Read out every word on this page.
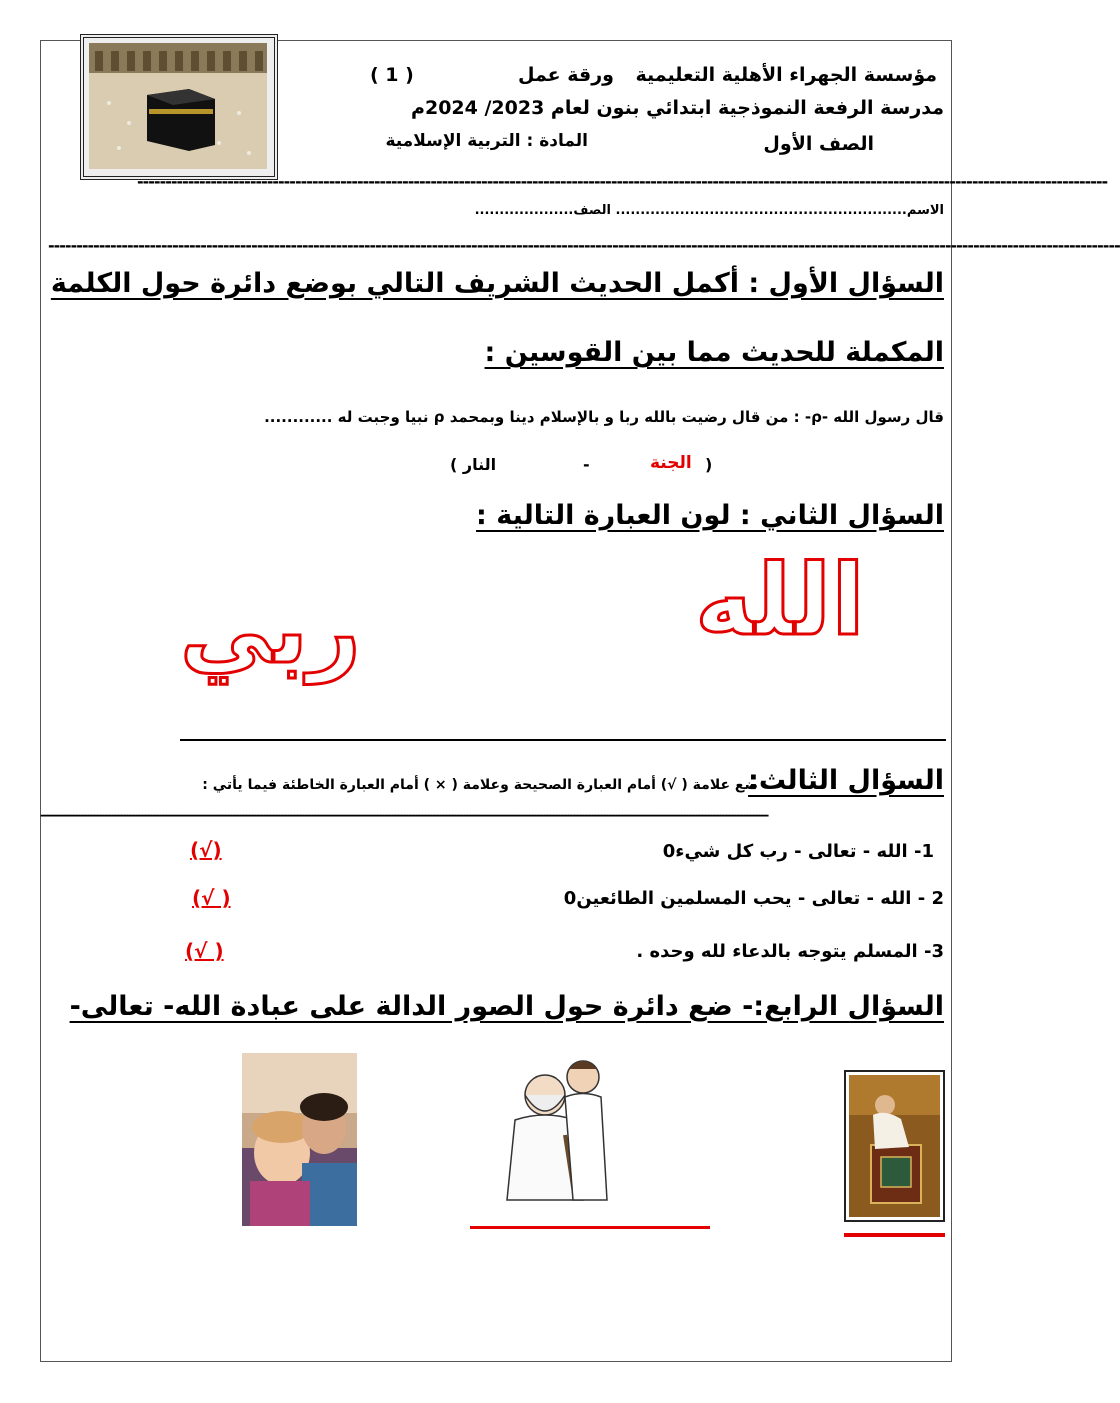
مؤسسة الجهراء الأهلية التعليمية
ورقة عمل
( 1 )
مدرسة الرفعة النموذجية ابتدائي بنون لعام 2023/ 2024م
الصف الأول
المادة : التربية الإسلامية
----------------------------------------------------------------------------------------------------------------------------------------------------------------------------
الاسم........................................................... الصف....................
----------------------------------------------------------------------------------------------------------------------------------------------------------------------------------------------
السؤال الأول : أكمل الحديث الشريف التالي بوضع دائرة حول الكلمة
المكملة للحديث مما بين القوسين :
قال رسول الله -ρ- : من قال رضيت بالله ربا و بالإسلام دينا وبمحمد ρ نبيا وجبت له ............
(
الجنة
-
النار )
السؤال الثاني : لون العبارة التالية :
الله
ربي
السؤال الثالث:
ضع علامة ( √) أمام العبارة الصحيحة وعلامة ( × ) أمام العبارة الخاطئة فيما يأتي :
----------------------------------------------------------------------------------------------------------------------------------------------------------------------------------------------------------------------------------------------------
1- الله - تعالى - رب كل شيء0
(√)
2 - الله - تعالى - يحب المسلمين الطائعين0
(√ )
3- المسلم يتوجه بالدعاء لله وحده .
(√ )
السؤال الرابع:- ضع دائرة حول الصور الدالة على عبادة الله- تعالى-
